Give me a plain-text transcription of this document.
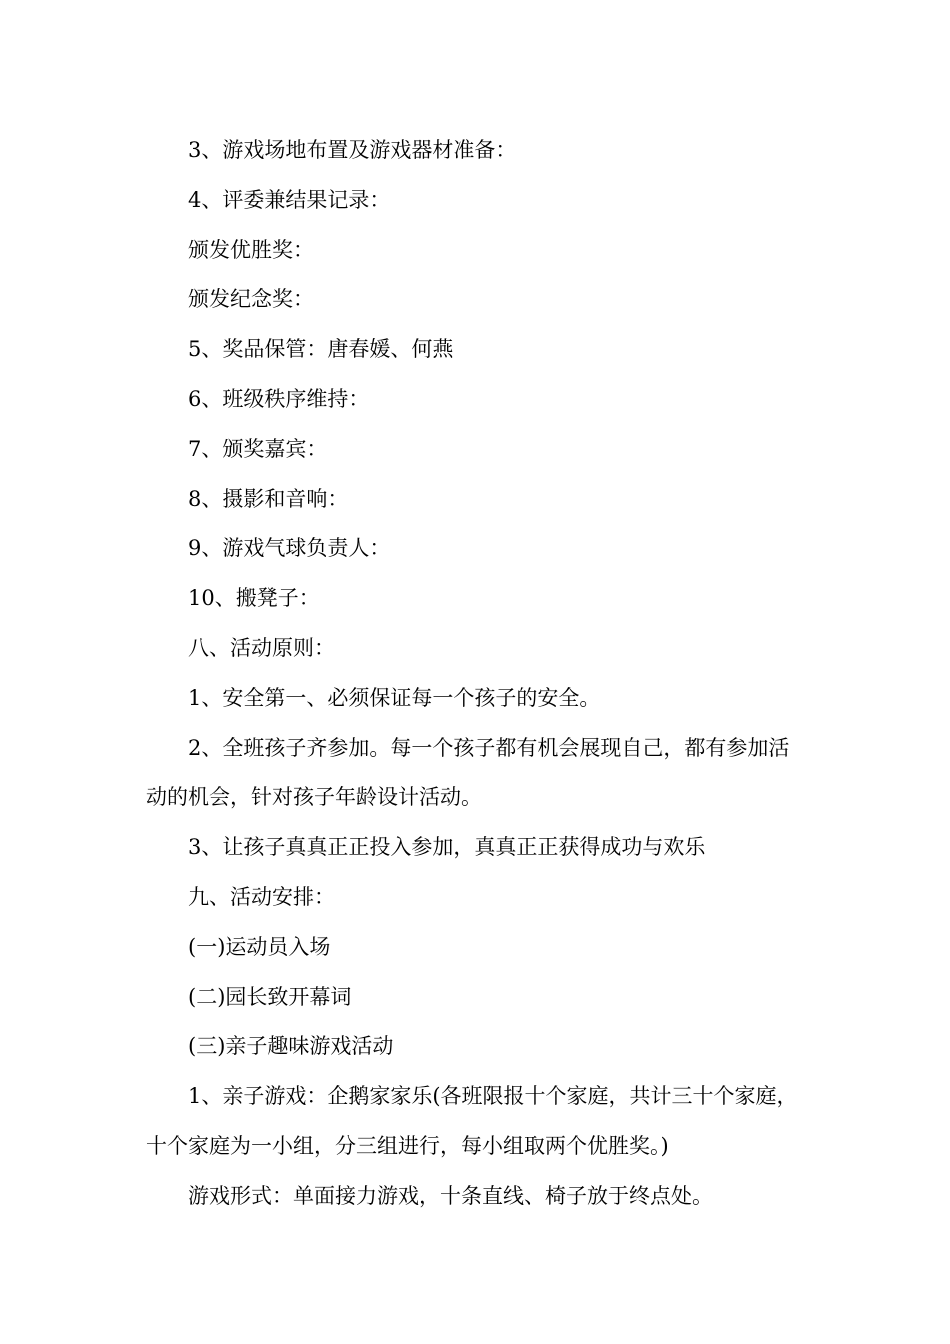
3、游戏场地布置及游戏器材准备：

4、评委兼结果记录：

颁发优胜奖：

颁发纪念奖：

5、奖品保管：唐春媛、何燕

6、班级秩序维持：

7、颁奖嘉宾：

8、摄影和音响：

9、游戏气球负责人：

10、搬凳子：

八、活动原则：

1、安全第一、必须保证每一个孩子的安全。

2、全班孩子齐参加。每一个孩子都有机会展现自己，都有参加活动的机会，针对孩子年龄设计活动。

3、让孩子真真正正投入参加，真真正正获得成功与欢乐

九、活动安排：

(一)运动员入场

(二)园长致开幕词

(三)亲子趣味游戏活动

1、亲子游戏：企鹅家家乐(各班限报十个家庭，共计三十个家庭，十个家庭为一小组，分三组进行，每小组取两个优胜奖。)

游戏形式：单面接力游戏，十条直线、椅子放于终点处。
